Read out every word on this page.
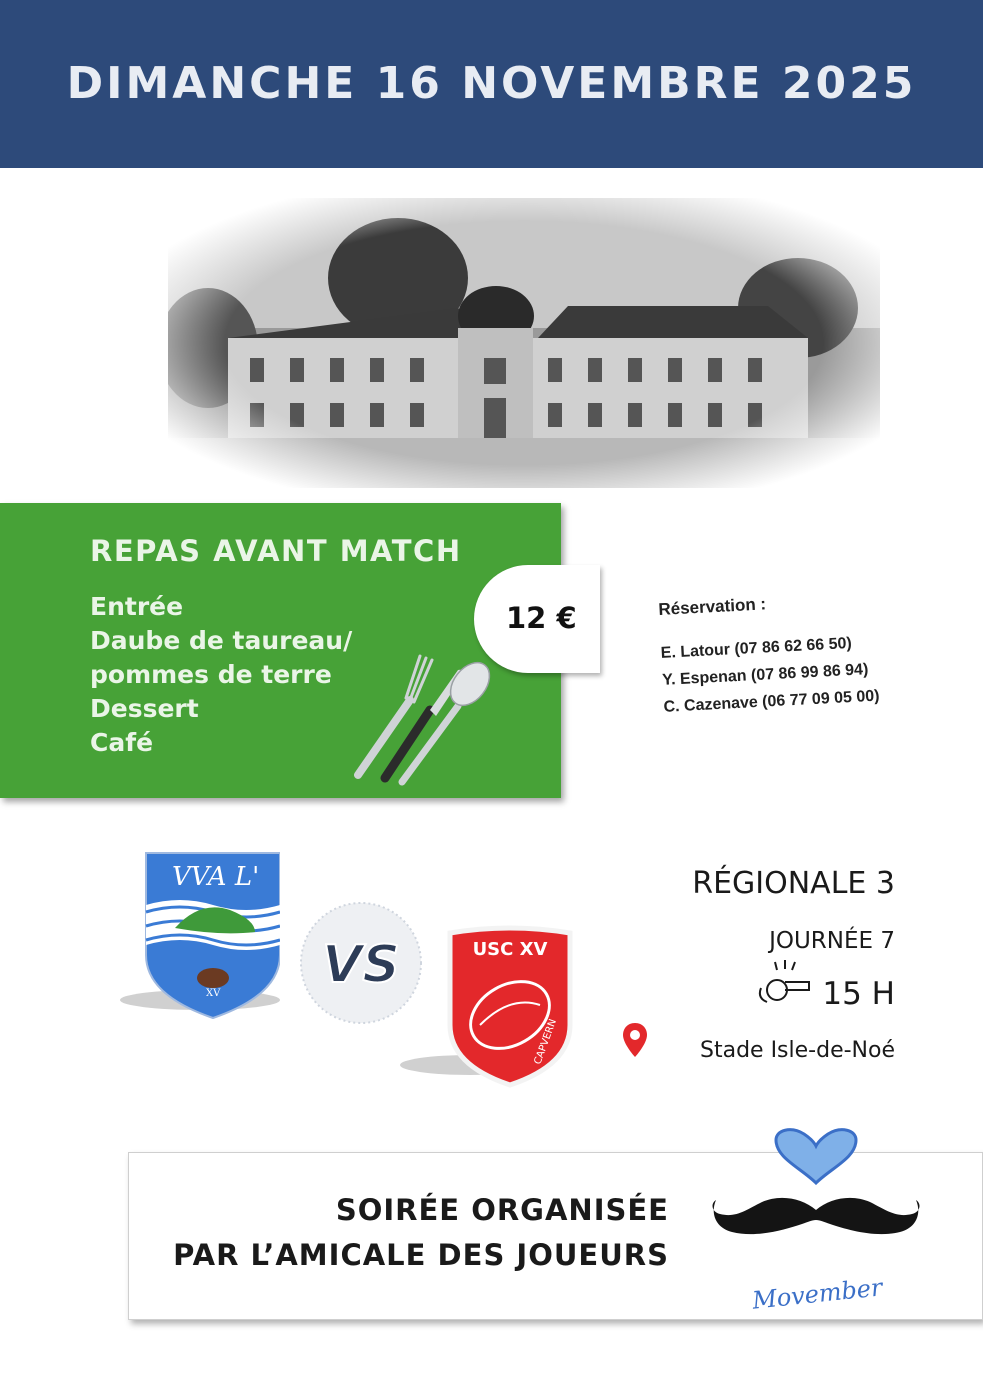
DIMANCHE 16 NOVEMBRE 2025
REPAS AVANT MATCH
Entrée
Daube de taureau/
pommes de terre
Dessert
Café
12 €	Réservation :
E. Latour (07 86 62 66 50)
Y. Espenan (07 86 99 86 94)
C. Cazenave (06 77 09 05 00)
VVA L'
XV VS	USC XV
CAPVERN
RÉGIONALE 3
JOURNÉE 7
15 H
Stade Isle-de-Noé
SOIRÉE ORGANISÉE
PAR L’AMICALE DES JOUEURS
Movember
